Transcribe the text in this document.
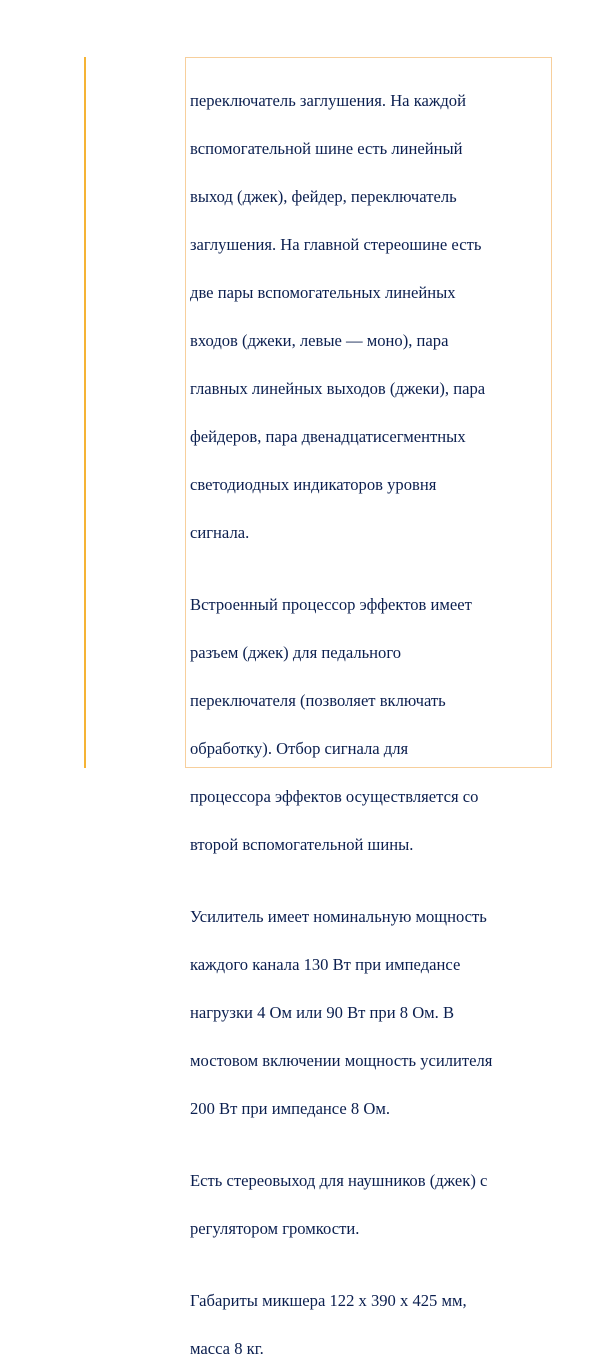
переключатель заглушения. На каждой

вспомогательной шине есть линейный

выход (джек), фейдер, переключатель

заглушения. На главной стереошине есть

две пары вспомогательных линейных

входов (джеки, левые — моно), пара

главных линейных выходов (джеки), пара

фейдеров, пара двенадцатисегментных

светодиодных индикаторов уровня

сигнала.

Встроенный процессор эффектов имеет

разъем (джек) для педального

переключателя (позволяет включать

обработку). Отбор сигнала для

процессора эффектов осуществляется со

второй вспомогательной шины.

Усилитель имеет номинальную мощность

каждого канала 130 Вт при импедансе

нагрузки 4 Ом или 90 Вт при 8 Ом. В

мостовом включении мощность усилителя

200 Вт при импедансе 8 Ом.

Есть стереовыход для наушников (джек) с

регулятором громкости.

Габариты микшера 122 х 390 х 425 мм,

масса 8 кг.
